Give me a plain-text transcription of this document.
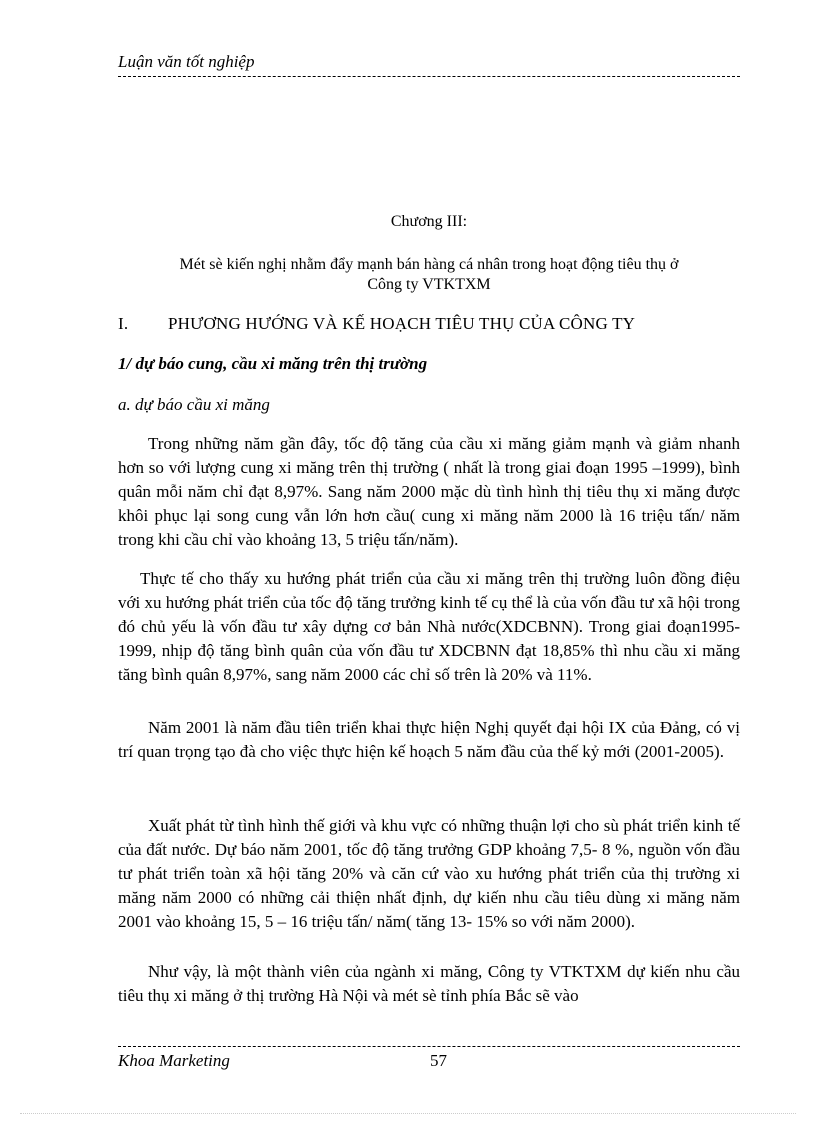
Luận văn tốt nghiệp
Chương III:
Mét sè kiến nghị nhằm đẩy mạnh bán hàng cá nhân trong hoạt động tiêu thụ ở
Công ty VTKTXM
I. PHƯƠNG HƯỚNG VÀ KẾ HOẠCH TIÊU THỤ CỦA CÔNG TY
1/ dự báo cung, cầu xi măng trên thị trường
a. dự báo cầu xi măng

Trong những năm gần đây, tốc độ tăng của cầu xi măng giảm mạnh và giảm nhanh hơn so với lượng cung xi măng trên thị trường ( nhất là trong giai đoạn 1995 –1999), bình quân mỗi năm chỉ đạt 8,97%. Sang năm 2000 mặc dù tình hình thị tiêu thụ xi măng được khôi phục lại song cung vẫn lớn hơn cầu( cung xi măng năm 2000 là 16 triệu tấn/ năm trong khi cầu chỉ vào khoảng 13, 5 triệu tấn/năm).

Thực tế cho thấy xu hướng phát triển của cầu xi măng trên thị trường luôn đồng điệu với xu hướng phát triển của tốc độ tăng trưởng kinh tế cụ thể là của vốn đầu tư xã hội trong đó chủ yếu là vốn đầu tư xây dựng cơ bản Nhà nước(XDCBNN). Trong giai đoạn1995- 1999, nhịp độ tăng bình quân của vốn đầu tư XDCBNN đạt 18,85% thì nhu cầu xi măng tăng bình quân 8,97%, sang năm 2000 các chỉ số trên là 20% và 11%.

Năm 2001 là năm đầu tiên triển khai thực hiện Nghị quyết đại hội IX của Đảng, có vị trí quan trọng tạo đà cho việc thực hiện kế hoạch 5 năm đầu của thế kỷ mới (2001-2005).

Xuất phát từ tình hình thế giới và khu vực có những thuận lợi cho sù phát triển kinh tế của đất nước. Dự báo năm 2001, tốc độ tăng trưởng GDP khoảng 7,5- 8 %, nguồn vốn đầu tư phát triển toàn xã hội tăng 20% và căn cứ vào xu hướng phát triển của thị trường xi măng năm 2000 có những cải thiện nhất định, dự kiến nhu cầu tiêu dùng xi măng năm 2001 vào khoảng 15, 5 – 16 triệu tấn/ năm( tăng 13- 15% so với năm 2000).

Như vậy, là một thành viên của ngành xi măng, Công ty VTKTXM dự kiến nhu cầu tiêu thụ xi măng ở thị trường Hà Nội và mét sè tỉnh phía Bắc sẽ vào

Khoa Marketing	57
